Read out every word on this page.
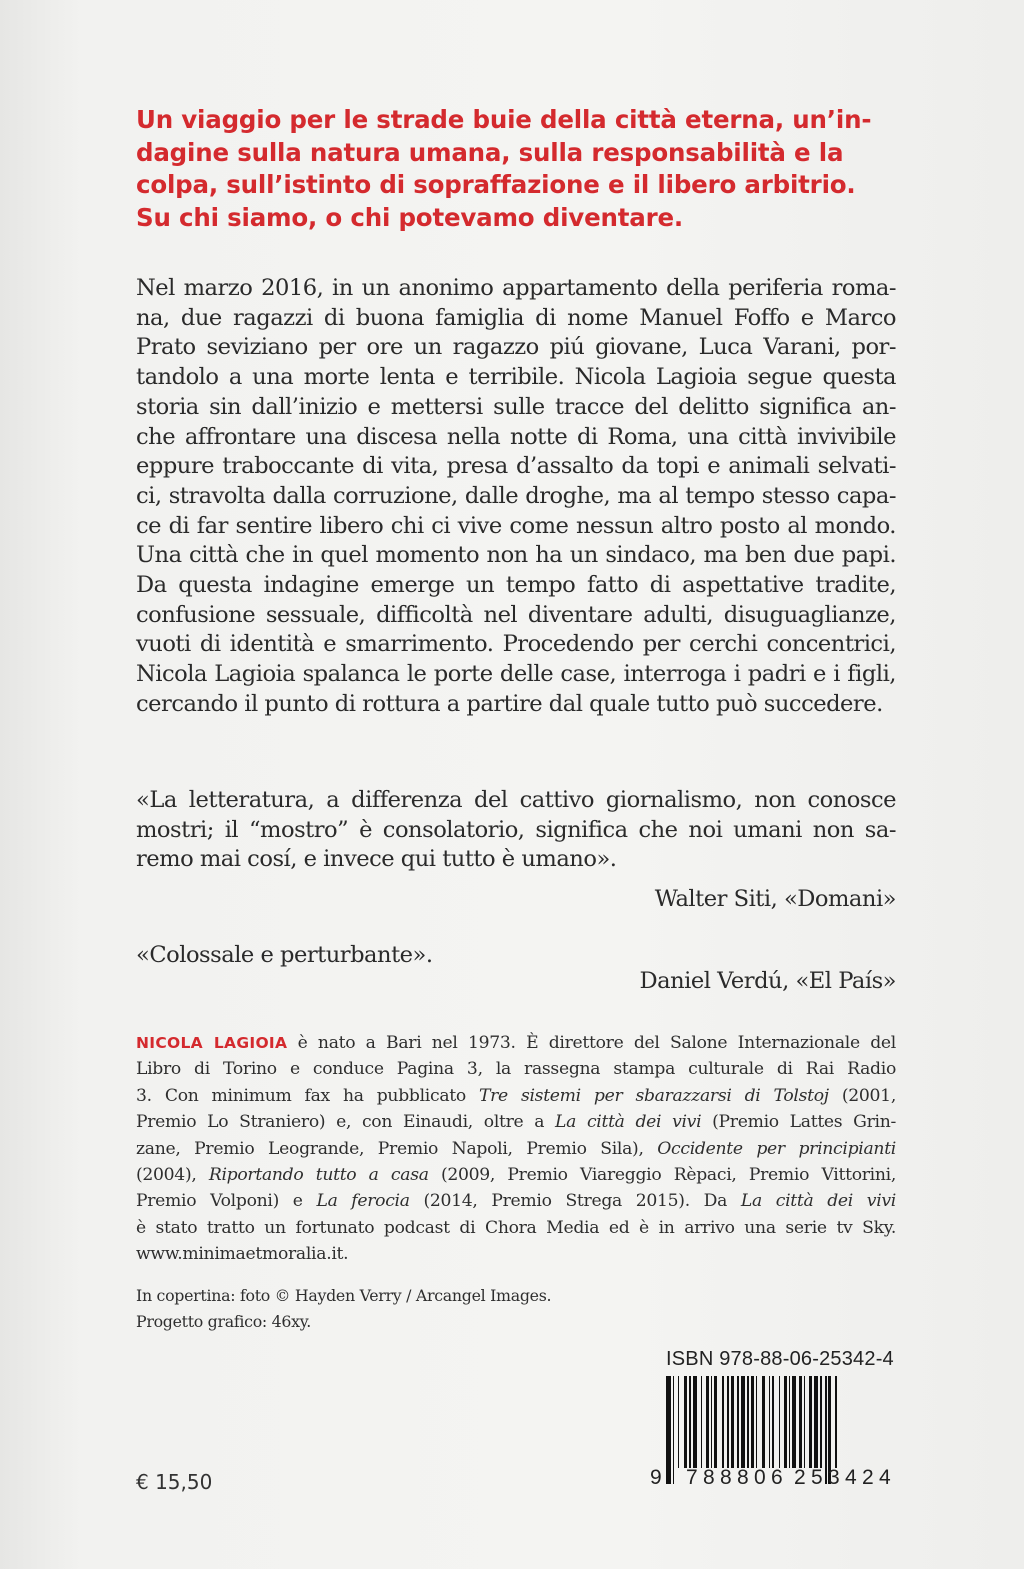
Un viaggio per le strade buie della città eterna, un’in-
dagine sulla natura umana, sulla responsabilità e la
colpa, sull’istinto di sopraffazione e il libero arbitrio.
Su chi siamo, o chi potevamo diventare.
Nel marzo 2016, in un anonimo appartamento della periferia roma-
na, due ragazzi di buona famiglia di nome Manuel Foffo e Marco
Prato seviziano per ore un ragazzo piú giovane, Luca Varani, por-
tandolo a una morte lenta e terribile. Nicola Lagioia segue questa
storia sin dall’inizio e mettersi sulle tracce del delitto significa an-
che affrontare una discesa nella notte di Roma, una città invivibile
eppure traboccante di vita, presa d’assalto da topi e animali selvati-
ci, stravolta dalla corruzione, dalle droghe, ma al tempo stesso capa-
ce di far sentire libero chi ci vive come nessun altro posto al mondo.
Una città che in quel momento non ha un sindaco, ma ben due papi.
Da questa indagine emerge un tempo fatto di aspettative tradite,
confusione sessuale, difficoltà nel diventare adulti, disuguaglianze,
vuoti di identità e smarrimento. Procedendo per cerchi concentrici,
Nicola Lagioia spalanca le porte delle case, interroga i padri e i figli,
cercando il punto di rottura a partire dal quale tutto può succedere.
«La letteratura, a differenza del cattivo giornalismo, non conosce
mostri; il “mostro” è consolatorio, significa che noi umani non sa-
remo mai cosí, e invece qui tutto è umano».
Walter Siti, «Domani»
«Colossale e perturbante».
Daniel Verdú, «El País»
NICOLA LAGIOIA è nato a Bari nel 1973. È direttore del Salone Internazionale del
Libro di Torino e conduce Pagina 3, la rassegna stampa culturale di Rai Radio
3. Con minimum fax ha pubblicato Tre sistemi per sbarazzarsi di Tolstoj (2001,
Premio Lo Straniero) e, con Einaudi, oltre a La città dei vivi (Premio Lattes Grin-
zane, Premio Leogrande, Premio Napoli, Premio Sila), Occidente per principianti
(2004), Riportando tutto a casa (2009, Premio Viareggio Rèpaci, Premio Vittorini,
Premio Volponi) e La ferocia (2014, Premio Strega 2015). Da La città dei vivi
è stato tratto un fortunato podcast di Chora Media ed è in arrivo una serie tv Sky.
www.minimaetmoralia.it.
In copertina: foto © Hayden Verry / Arcangel Images.
Progetto grafico: 46xy.
€ 15,50
ISBN 978-88-06-25342-4
9 7 8 8 8 0 6 2 5 3 4 2 4
